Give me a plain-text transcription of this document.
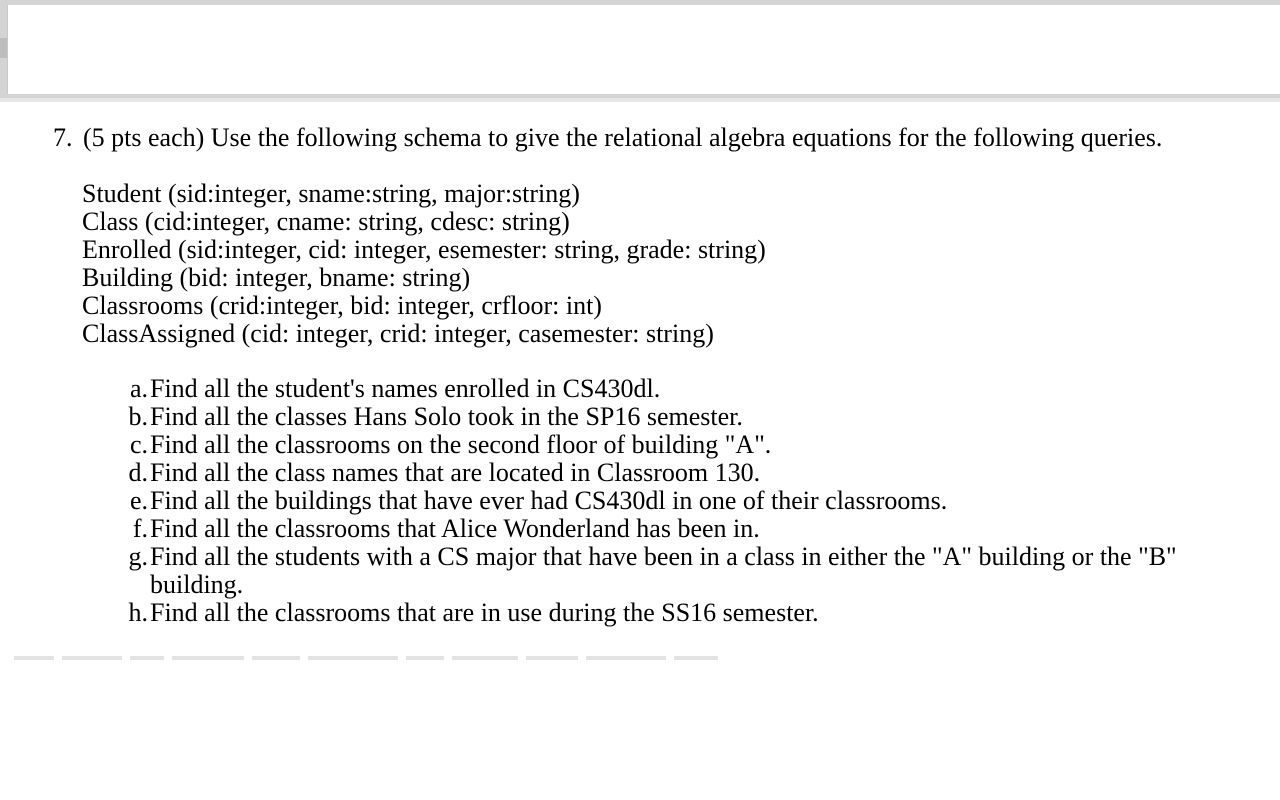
7. (5 pts each) Use the following schema to give the relational algebra equations for the following queries.
Student (sid:integer, sname:string, major:string)
Class (cid:integer, cname: string, cdesc: string)
Enrolled (sid:integer, cid: integer, esemester: string, grade: string)
Building (bid: integer, bname: string)
Classrooms (crid:integer, bid: integer, crfloor: int)
ClassAssigned (cid: integer, crid: integer, casemester: string)
a. Find all the student's names enrolled in CS430dl.
b. Find all the classes Hans Solo took in the SP16 semester.
c. Find all the classrooms on the second floor of building "A".
d. Find all the class names that are located in Classroom 130.
e. Find all the buildings that have ever had CS430dl in one of their classrooms.
f. Find all the classrooms that Alice Wonderland has been in.
g. Find all the students with a CS major that have been in a class in either the "A" building or the "B" building.
h. Find all the classrooms that are in use during the SS16 semester.
